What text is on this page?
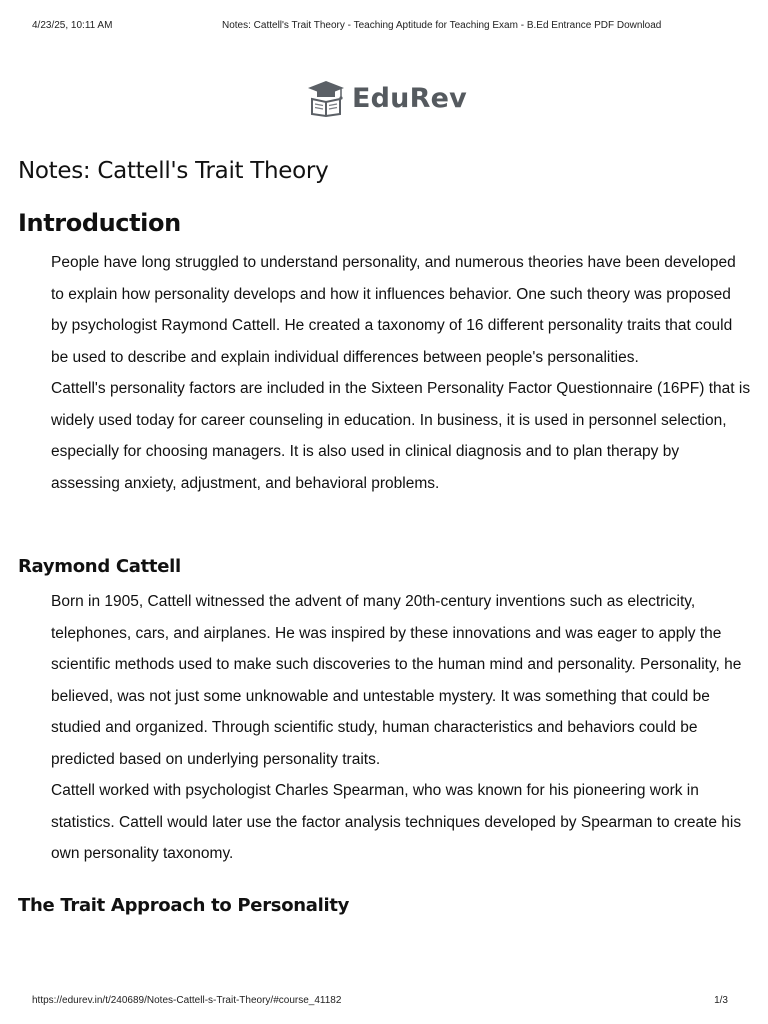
4/23/25, 10:11 AM	Notes: Cattell's Trait Theory - Teaching Aptitude for Teaching Exam - B.Ed Entrance PDF Download
EduRev
Notes: Cattell's Trait Theory
Introduction

People have long struggled to understand personality, and numerous theories have been developed to explain how personality develops and how it influences behavior. One such theory was proposed by psychologist Raymond Cattell. He created a taxonomy of 16 different personality traits that could be used to describe and explain individual differences between people's personalities.

Cattell's personality factors are included in the Sixteen Personality Factor Questionnaire (16PF) that is widely used today for career counseling in education. In business, it is used in personnel selection, especially for choosing managers. It is also used in clinical diagnosis and to plan therapy by assessing anxiety, adjustment, and behavioral problems.

Raymond Cattell

Born in 1905, Cattell witnessed the advent of many 20th-century inventions such as electricity, telephones, cars, and airplanes. He was inspired by these innovations and was eager to apply the scientific methods used to make such discoveries to the human mind and personality. Personality, he believed, was not just some unknowable and untestable mystery. It was something that could be studied and organized. Through scientific study, human characteristics and behaviors could be predicted based on underlying personality traits.

Cattell worked with psychologist Charles Spearman, who was known for his pioneering work in statistics. Cattell would later use the factor analysis techniques developed by Spearman to create his own personality taxonomy.

The Trait Approach to Personality
https://edurev.in/t/240689/Notes-Cattell-s-Trait-Theory/#course_41182	1/3
